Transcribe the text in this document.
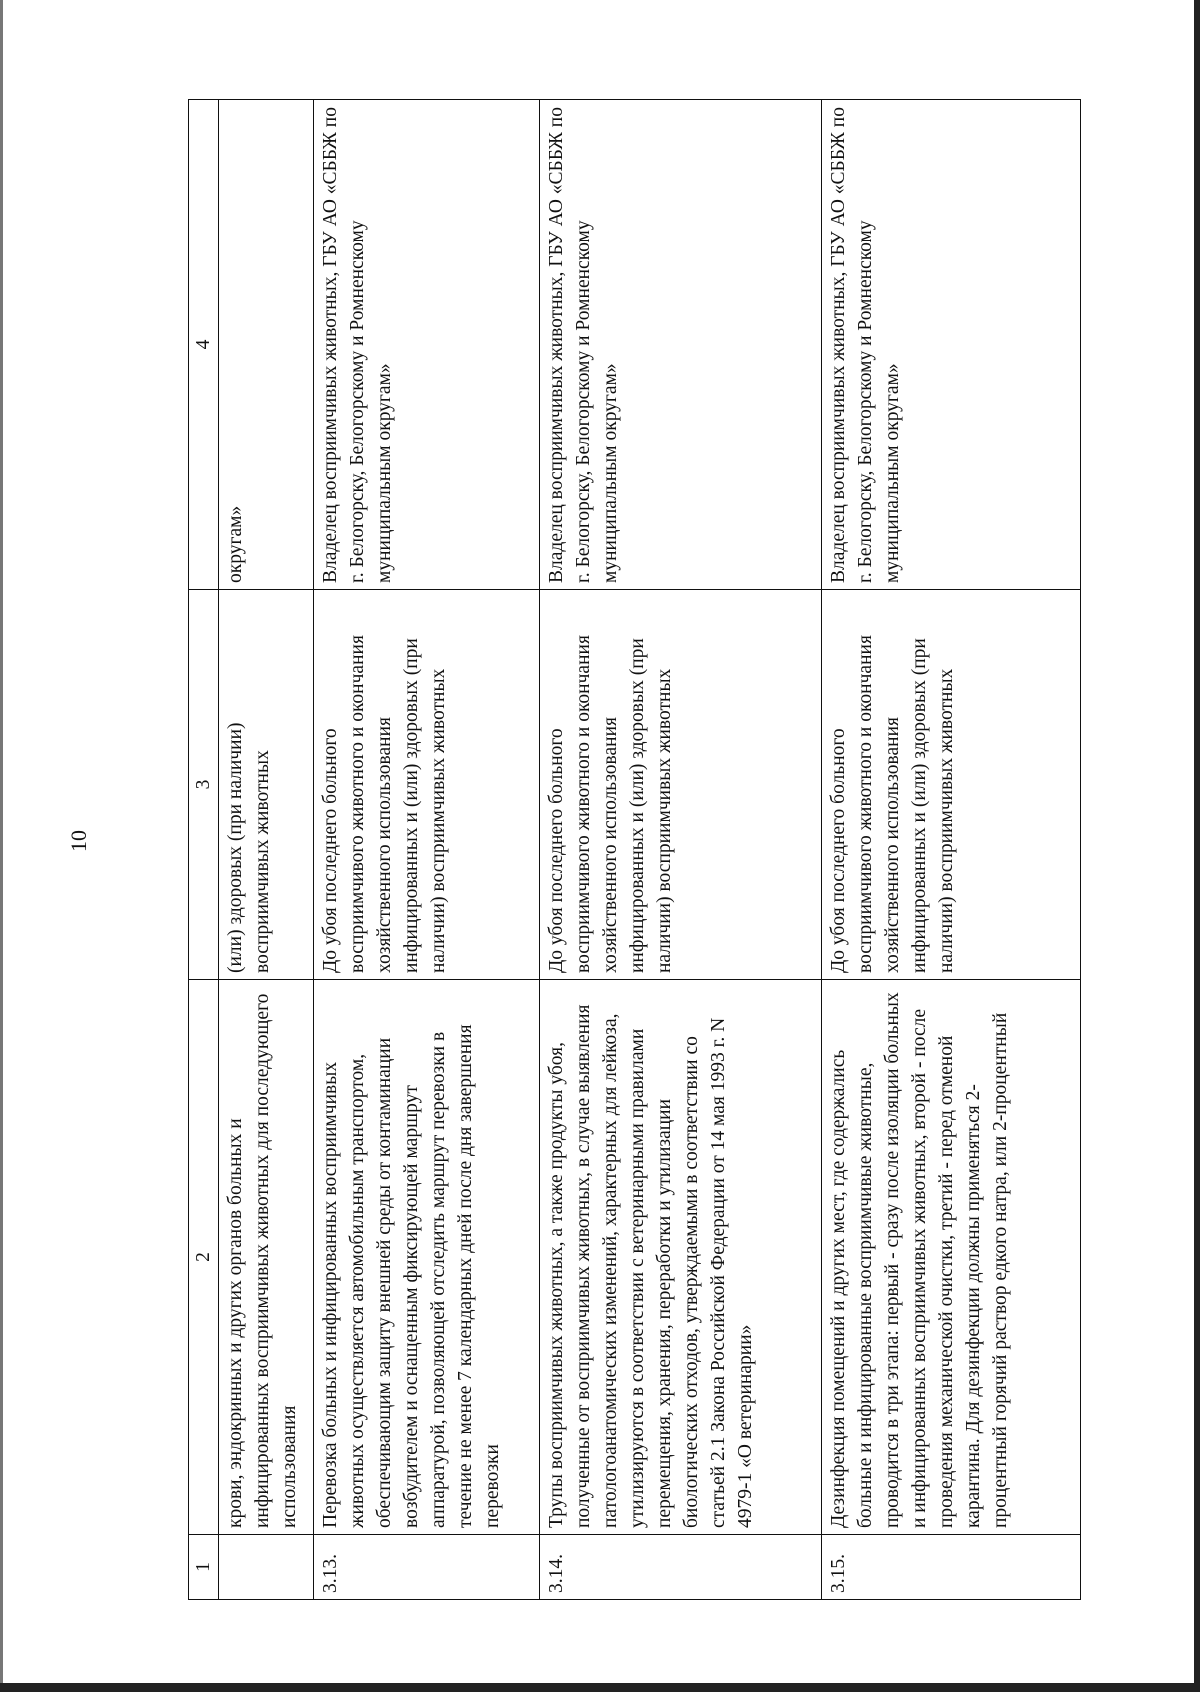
10
1	2	3	4
	крови, эндокринных и других органов больных и инфицированных восприимчивых животных для последующего использования	(или) здоровых (при наличии) восприимчивых животных	округам»
3.13.	Перевозка больных и инфицированных восприимчивых животных осуществляется автомобильным транспортом, обеспечивающим защиту внешней среды от контаминации возбудителем и оснащенным фиксирующей маршрут аппаратурой, позволяющей отследить маршрут перевозки в течение не менее 7 календарных дней после дня завершения перевозки	До убоя последнего больного восприимчивого животного и окончания хозяйственного использования инфицированных и (или) здоровых (при наличии) восприимчивых животных	Владелец восприимчивых животных, ГБУ АО «СББЖ по г. Белогорску, Белогорскому и Ромненскому муниципальным округам»
3.14.	Трупы восприимчивых животных, а также продукты убоя, полученные от восприимчивых животных, в случае выявления патологоанатомических изменений, характерных для лейкоза, утилизируются в соответствии с ветеринарными правилами перемещения, хранения, переработки и утилизации биологических отходов, утверждаемыми в соответствии со статьей 2.1 Закона Российской Федерации от 14 мая 1993 г. N 4979-1 «О ветеринарии»	До убоя последнего больного восприимчивого животного и окончания хозяйственного использования инфицированных и (или) здоровых (при наличии) восприимчивых животных	Владелец восприимчивых животных, ГБУ АО «СББЖ по г. Белогорску, Белогорскому и Ромненскому муниципальным округам»
3.15.	Дезинфекция помещений и других мест, где содержались больные и инфицированные восприимчивые животные, проводится в три этапа: первый - сразу после изоляции больных и инфицированных восприимчивых животных, второй - после проведения механической очистки, третий - перед отменой карантина. Для дезинфекции должны применяться 2-процентный горячий раствор едкого натра, или 2-процентный	До убоя последнего больного восприимчивого животного и окончания хозяйственного использования инфицированных и (или) здоровых (при наличии) восприимчивых животных	Владелец восприимчивых животных, ГБУ АО «СББЖ по г. Белогорску, Белогорскому и Ромненскому муниципальным округам»
